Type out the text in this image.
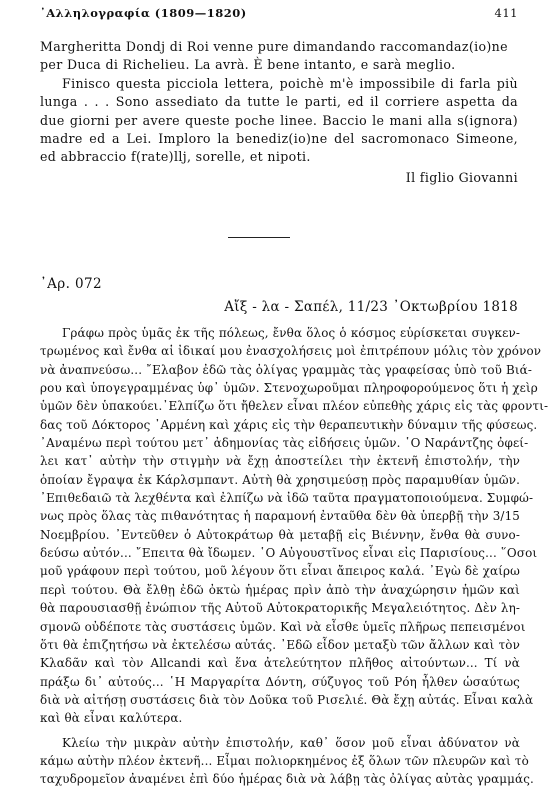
᾿Αλληλογραφία (1809—1820)	411

Margheritta Dondj di Roi venne pure dimandando raccomandaz(io)ne
per Duca di Richelieu. La avrà. È bene intanto, e sarà meglio.

Finisco questa picciola lettera, poichè m'è impossibile di farla più lunga . . . Sono assediato da tutte le parti, ed il corriere aspetta da due giorni per avere queste poche linee. Baccio le mani alla s(ignora) madre ed a Lei. Imploro la benediz(io)ne del sacromonaco Simeone, ed abbraccio f(rate)llj, sorelle, et nipoti.

Il figlio Giovanni

᾿Αρ. 072
Αἴξ - λα - Σαπέλ, 11/23 ᾿Οκτωβρίου 1818

Γράφω πρὸς ὑμᾶς ἐκ τῆς πόλεως, ἔνθα ὅλος ὁ κόσμος εὑρίσκεται συγκεν-
τρωμένος καὶ ἔνθα αἱ ἰδικαί μου ἐνασχολήσεις μοὶ ἐπιτρέπουν μόλις τὸν χρόνον
νὰ ἀναπνεύσω... ῎Ελαβον ἐδῶ τὰς ὀλίγας γραμμὰς τὰς γραφείσας ὑπὸ τοῦ Βιά-
ρου καὶ ὑπογεγραμμένας ὑφ᾿ ὑμῶν. Στενοχωροῦμαι πληροφορούμενος ὅτι ἡ χεὶρ
ὑμῶν δὲν ὑπακούει.᾿Ελπίζω ὅτι ἤθελεν εἶναι πλέον εὐπεθὴς χάρις εἰς τὰς φροντι-
δας τοῦ Δόκτορος ᾿Αρμένη καὶ χάρις εἰς τὴν θεραπευτικὴν δύναμιν τῆς φύσεως.
᾿Αναμένω περὶ τούτου μετ᾿ ἀδημονίας τὰς εἰδήσεις ὑμῶν. ῾Ο Ναράντζης ὀφεί-
λει κατ᾿ αὐτὴν τὴν στιγμὴν νὰ ἔχῃ ἀποστείλει τὴν ἐκτενῆ ἐπιστολήν, τὴν
ὁποίαν ἔγραψα ἐκ Κάρλσμπαντ. Αὐτὴ θὰ χρησιμεύσῃ πρὸς παραμυθίαν ὑμῶν.
᾿Επιθεδαιῶ τὰ λεχθέντα καὶ ἐλπίζω νὰ ἰδῶ ταῦτα πραγματοποιούμενα. Συμφώ-
νως πρὸς ὅλας τὰς πιθανότητας ἡ παραμονή ἐνταῦθα δὲν θὰ ὑπερβῇ τὴν 3/15
Νοεμβρίου. ᾿Εντεῦθεν ὁ Αὐτοκράτωρ θὰ μεταβῇ εἰς Βιέννην, ἔνθα θὰ συνο-
δεύσω αὐτόν... ῎Επειτα θὰ ἴδωμεν. ῾Ο Αὐγουστῖνος εἶναι εἰς Παρισίους... ῞Οσοι
μοῦ γράφουν περὶ τούτου, μοῦ λέγουν ὅτι εἶναι ἄπειρος καλά. ᾿Εγὼ δὲ χαίρω
περὶ τούτου. Θὰ ἔλθῃ ἐδῶ ὀκτὼ ἡμέρας πρὶν ἀπὸ τὴν ἀναχώρησιν ἡμῶν καὶ
θὰ παρουσιασθῇ ἐνώπιον τῆς Αὐτοῦ Αὐτοκρατορικῆς Μεγαλειότητος. Δὲν λη-
σμονῶ οὐδέποτε τὰς συστάσεις ὑμῶν. Καὶ νὰ εἶσθε ὑμεῖς πλῆρως πεπεισμένοι
ὅτι θὰ ἐπιζητήσω νὰ ἐκτελέσω αὐτάς. ᾿Εδῶ εἶδον μεταξὺ τῶν ἄλλων καὶ τὸν
Κλαδᾶν καὶ τὸν Allcandi καὶ ἕνα ἀτελεύτητον πλῆθος αἰτούντων... Τί νὰ
πράξω δι᾿ αὐτούς... ῾Η Μαργαρίτα Δόντη, σύζυγος τοῦ Ρόη ἦλθεν ὡσαύτως
διὰ νὰ αἰτήσῃ συστάσεις διὰ τὸν Δοῦκα τοῦ Ρισελιέ. Θὰ ἔχῃ αὐτάς. Εἶναι καλὰ
καὶ θὰ εἶναι καλύτερα.

Κλείω τὴν μικρὰν αὐτὴν ἐπιστολήν, καθ᾿ ὅσον μοῦ εἶναι ἀδύνατον νὰ
κάμω αὐτὴν πλέον ἐκτενῆ... Εἶμαι πολιορκημένος ἐξ ὅλων τῶν πλευρῶν καὶ τὸ
ταχυδρομεῖον ἀναμένει ἐπὶ δύο ἡμέρας διὰ νὰ λάβῃ τὰς ὀλίγας αὐτὰς γραμμάς.
